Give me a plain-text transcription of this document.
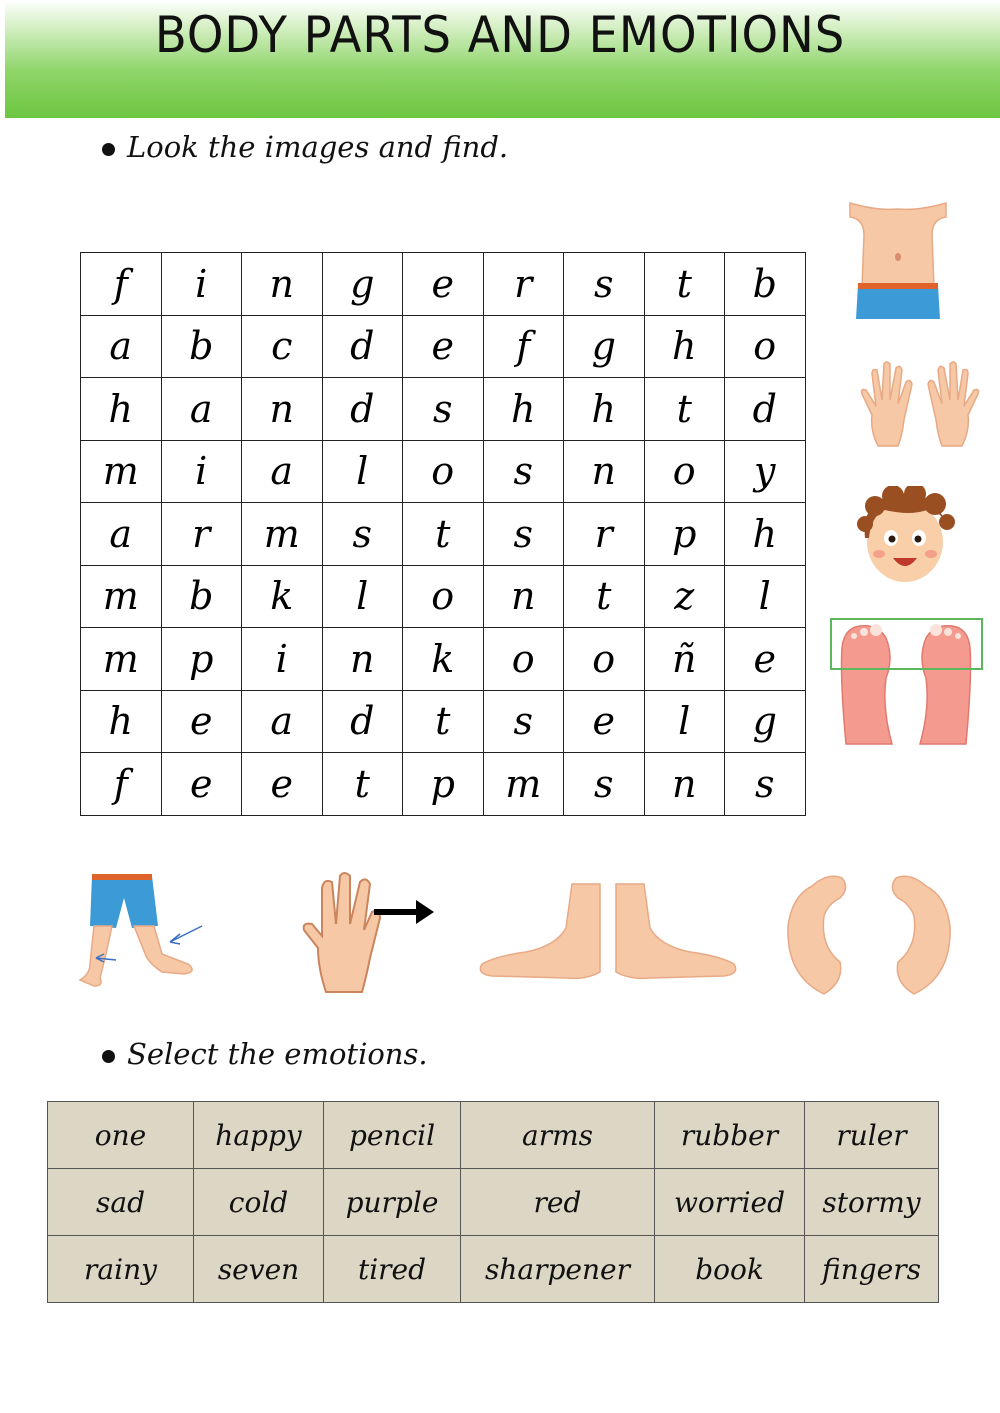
BODY PARTS AND EMOTIONS
Look the images and find.
f	i	n	g	e	r	s	t	b
a	b	c	d	e	f	g	h	o
h	a	n	d	s	h	h	t	d
m	i	a	l	o	s	n	o	y
a	r	m	s	t	s	r	p	h
m	b	k	l	o	n	t	z	l
m	p	i	n	k	o	o	ñ	e
h	e	a	d	t	s	e	l	g
f	e	e	t	p	m	s	n	s
Select the emotions.
one	happy	pencil	arms	rubber	ruler
sad	cold	purple	red	worried	stormy
rainy	seven	tired	sharpener	book	fingers
